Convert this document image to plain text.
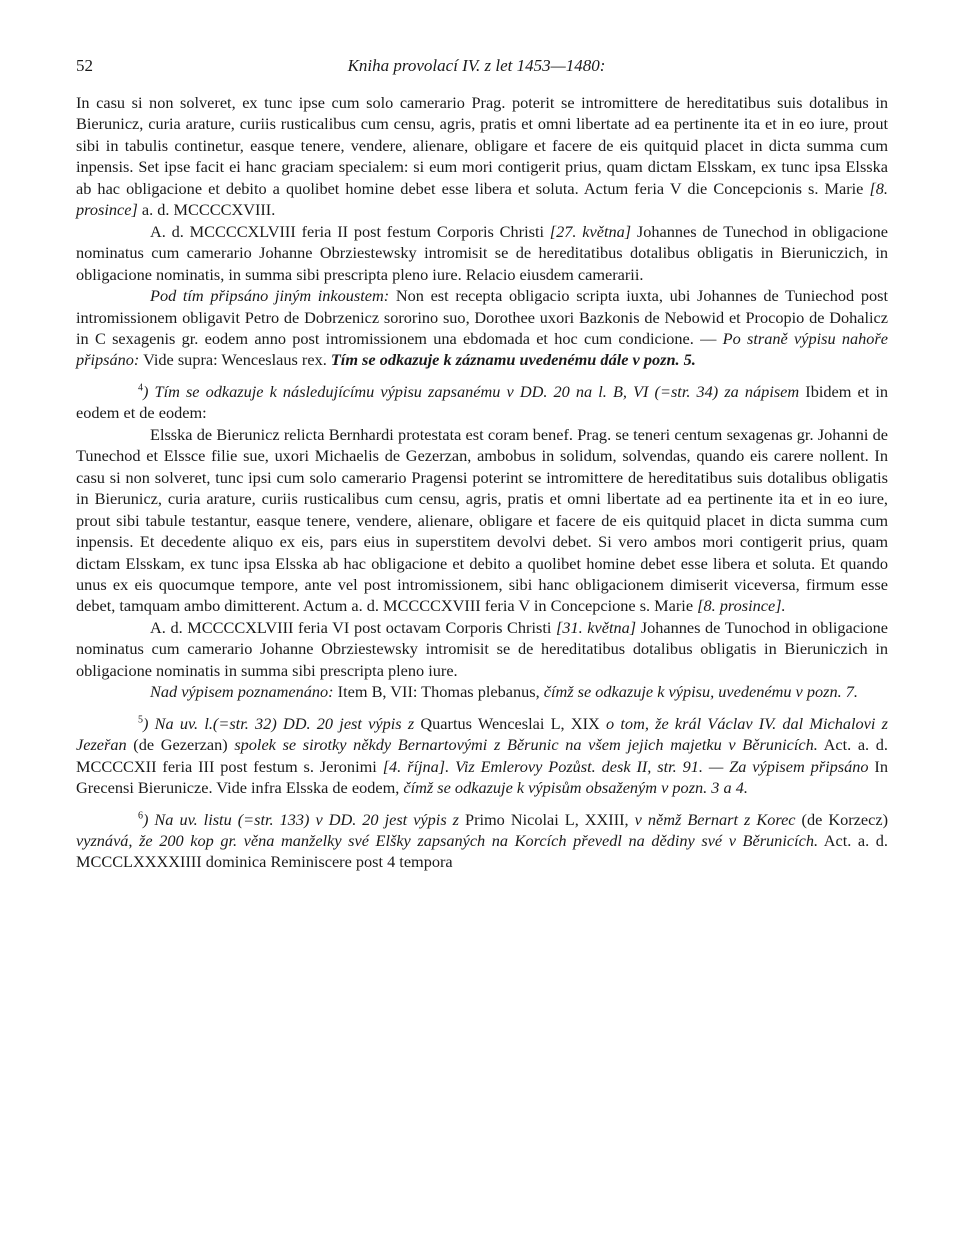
52	Kniha provolací IV. z let 1453—1480:

In casu si non solveret, ex tunc ipse cum solo camerario Prag. poterit se intromittere de hereditatibus suis dotalibus in Bierunicz, curia arature, curiis rusticalibus cum censu, agris, pratis et omni libertate ad ea pertinente ita et in eo iure, prout sibi in tabulis continetur, easque tenere, vendere, alienare, obligare et facere de eis quitquid placet in dicta summa cum inpensis. Set ipse facit ei hanc graciam specialem: si eum mori contigerit prius, quam dictam Elsskam, ex tunc ipsa Elsska ab hac obligacione et debito a quolibet homine debet esse libera et soluta. Actum feria V die Concepcionis s. Marie [8. prosince] a. d. MCCCCXVIII.

A. d. MCCCCXLVIII feria II post festum Corporis Christi [27. května] Johannes de Tunechod in obligacione nominatus cum camerario Johanne Obrziestewsky intromisit se de hereditatibus dotalibus obligatis in Bieruniczich, in obligacione nominatis, in summa sibi prescripta pleno iure. Relacio eiusdem camerarii.

Pod tím připsáno jiným inkoustem: Non est recepta obligacio scripta iuxta, ubi Johannes de Tuniechod post intromissionem obligavit Petro de Dobrzenicz sororino suo, Dorothee uxori Bazkonis de Nebowid et Procopio de Dohalicz in C sexagenis gr. eodem anno post intromissionem una ebdomada et hoc cum condicione. — Po straně výpisu nahoře připsáno: Vide supra: Wenceslaus rex. Tím se odkazuje k záznamu uvedenému dále v pozn. 5.

$^4$) Tím se odkazuje k následujícímu výpisu zapsanému v DD. 20 na l. B, VI (=str. 34) za nápisem Ibidem et in eodem et de eodem:

Elsska de Bierunicz relicta Bernhardi protestata est coram benef. Prag. se teneri centum sexagenas gr. Johanni de Tunechod et Elssce filie sue, uxori Michaelis de Gezerzan, ambobus in solidum, solvendas, quando eis carere nollent. In casu si non solveret, tunc ipsi cum solo camerario Pragensi poterint se intromittere de hereditatibus suis dotalibus obligatis in Bierunicz, curia arature, curiis rusticalibus cum censu, agris, pratis et omni libertate ad ea pertinente ita et in eo iure, prout sibi tabule testantur, easque tenere, vendere, alienare, obligare et facere de eis quitquid placet in dicta summa cum inpensis. Et decedente aliquo ex eis, pars eius in superstitem devolvi debet. Si vero ambos mori contigerit prius, quam dictam Elsskam, ex tunc ipsa Elsska ab hac obligacione et debito a quolibet homine debet esse libera et soluta. Et quando unus ex eis quocumque tempore, ante vel post intromissionem, sibi hanc obligacionem dimiserit viceversa, firmum esse debet, tamquam ambo dimitterent. Actum a. d. MCCCCXVIII feria V in Concepcione s. Marie [8. prosince].

A. d. MCCCCXLVIII feria VI post octavam Corporis Christi [31. května] Johannes de Tunochod in obligacione nominatus cum camerario Johanne Obrziestewsky intromisit se de hereditatibus dotalibus obligatis in Bieruniczich in obligacione nominatis in summa sibi prescripta pleno iure.

Nad výpisem poznamenáno: Item B, VII: Thomas plebanus, čímž se odkazuje k výpisu, uvedenému v pozn. 7.

$^5$) Na uv. l.(=str. 32) DD. 20 jest výpis z Quartus Wenceslai L, XIX o tom, že král Václav IV. dal Michalovi z Jezeřan (de Gezerzan) spolek se sirotky někdy Bernartovými z Běrunic na všem jejich majetku v Běrunicích. Act. a. d. MCCCCXII feria III post festum s. Jeronimi [4. října]. Viz Emlerovy Pozůst. desk II, str. 91. — Za výpisem připsáno In Grecensi Bierunicze. Vide infra Elsska de eodem, čímž se odkazuje k výpisům obsaženým v pozn. 3 a 4.

$^6$) Na uv. listu (=str. 133) v DD. 20 jest výpis z Primo Nicolai L, XXIII, v němž Bernart z Korec (de Korzecz) vyznává, že 200 kop gr. věna manželky své Elšky zapsaných na Korcích převedl na dědiny své v Běrunicích. Act. a. d. MCCCLXXXXIIII dominica Reminiscere post 4 tempora
